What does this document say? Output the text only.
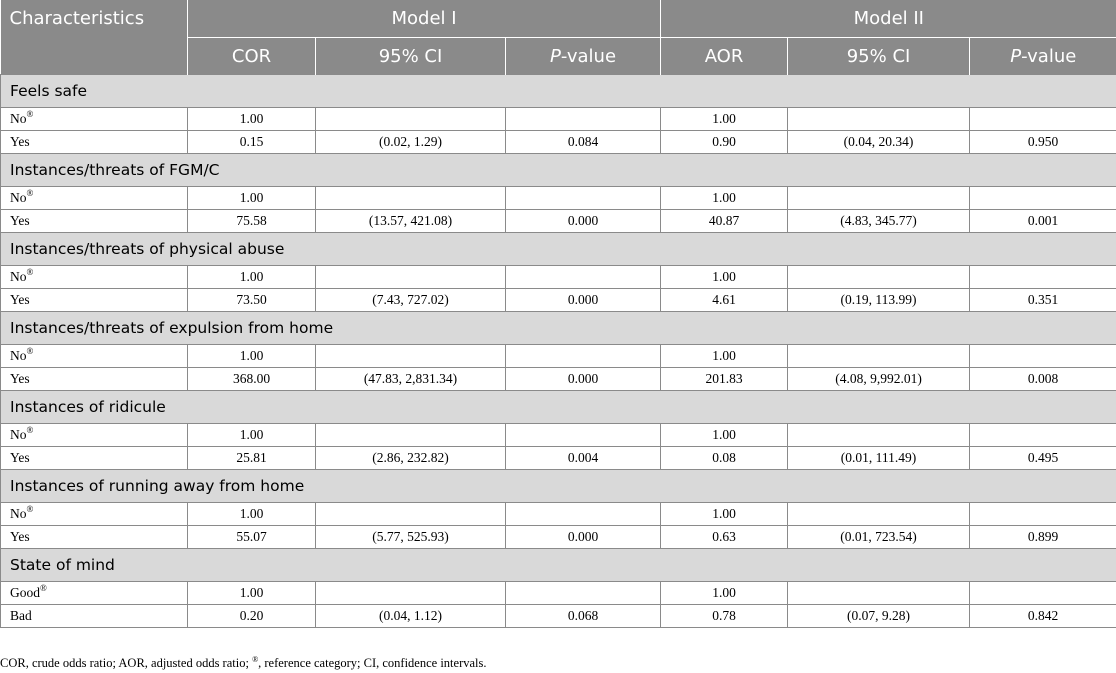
Characteristics	Model I			Model II		
	COR	95% CI	P-value	AOR	95% CI	P-value
Feels safe						
No®	1.00			1.00		
Yes	0.15	(0.02, 1.29)	0.084	0.90	(0.04, 20.34)	0.950
Instances/threats of FGM/C						
No®	1.00			1.00		
Yes	75.58	(13.57, 421.08)	0.000	40.87	(4.83, 345.77)	0.001
Instances/threats of physical abuse						
No®	1.00			1.00		
Yes	73.50	(7.43, 727.02)	0.000	4.61	(0.19, 113.99)	0.351
Instances/threats of expulsion from home						
No®	1.00			1.00		
Yes	368.00	(47.83, 2,831.34)	0.000	201.83	(4.08, 9,992.01)	0.008
Instances of ridicule						
No®	1.00			1.00		
Yes	25.81	(2.86, 232.82)	0.004	0.08	(0.01, 111.49)	0.495
Instances of running away from home						
No®	1.00			1.00		
Yes	55.07	(5.77, 525.93)	0.000	0.63	(0.01, 723.54)	0.899
State of mind						
Good®	1.00			1.00		
Bad	0.20	(0.04, 1.12)	0.068	0.78	(0.07, 9.28)	0.842
COR, crude odds ratio; AOR, adjusted odds ratio; ®, reference category; CI, confidence intervals.
